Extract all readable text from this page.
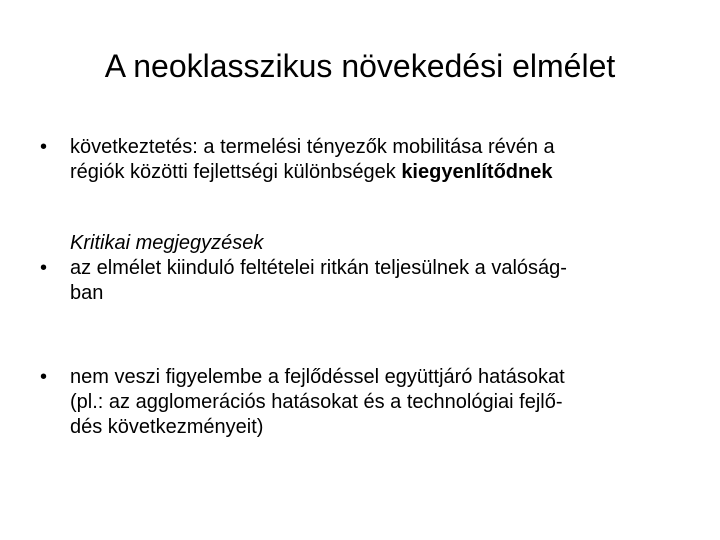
A neoklasszikus növekedési elmélet
•	következtetés: a termelési tényezők mobilitása révén a
régiók közötti fejlettségi különbségek kiegyenlítődnek
Kritikai megjegyzések
•	az elmélet kiinduló feltételei ritkán teljesülnek a valóság-
ban
•	nem veszi figyelembe a fejlődéssel együttjáró hatásokat
(pl.: az agglomerációs hatásokat és a technológiai fejlő-
dés következményeit)
